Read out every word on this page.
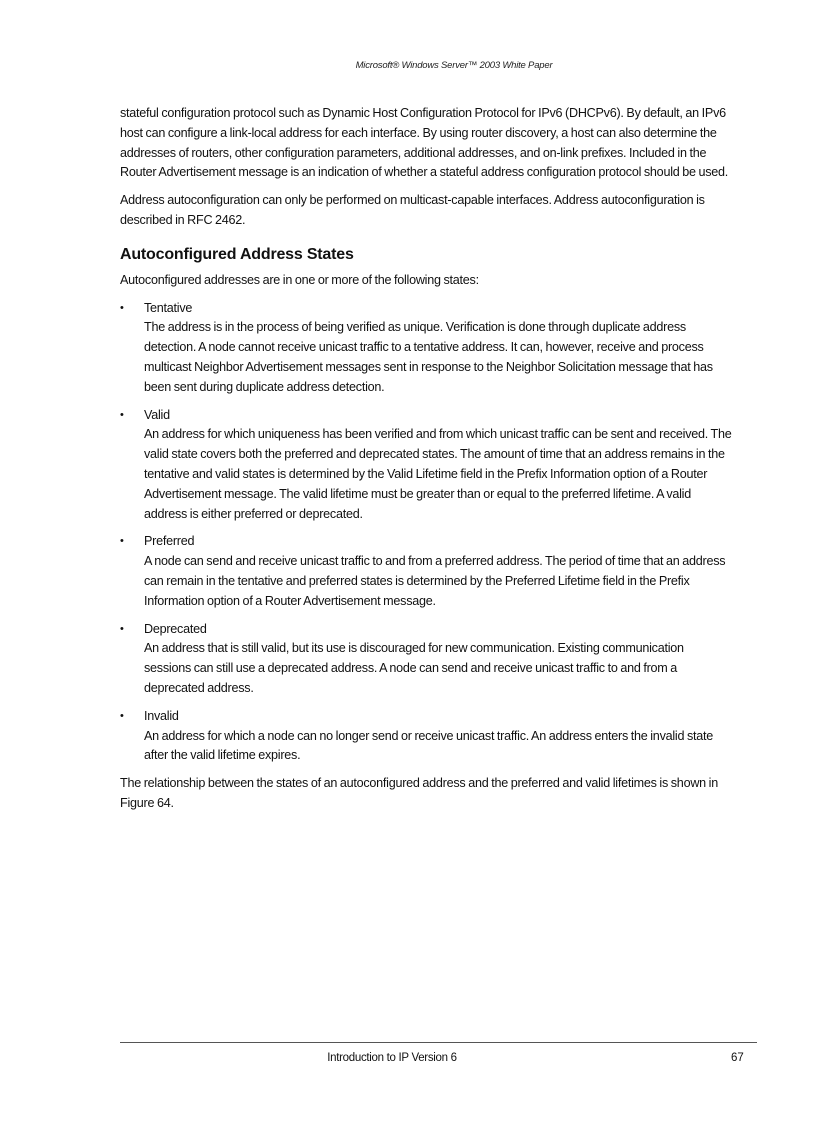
Microsoft® Windows Server™ 2003 White Paper

stateful configuration protocol such as Dynamic Host Configuration Protocol for IPv6 (DHCPv6). By default, an IPv6 host can configure a link-local address for each interface. By using router discovery, a host can also determine the addresses of routers, other configuration parameters, additional addresses, and on-link prefixes. Included in the Router Advertisement message is an indication of whether a stateful address configuration protocol should be used.

Address autoconfiguration can only be performed on multicast-capable interfaces. Address autoconfiguration is described in RFC 2462.

Autoconfigured Address States

Autoconfigured addresses are in one or more of the following states:

• Tentative
The address is in the process of being verified as unique. Verification is done through duplicate address detection. A node cannot receive unicast traffic to a tentative address. It can, however, receive and process multicast Neighbor Advertisement messages sent in response to the Neighbor Solicitation message that has been sent during duplicate address detection.
• Valid
An address for which uniqueness has been verified and from which unicast traffic can be sent and received. The valid state covers both the preferred and deprecated states. The amount of time that an address remains in the tentative and valid states is determined by the Valid Lifetime field in the Prefix Information option of a Router Advertisement message. The valid lifetime must be greater than or equal to the preferred lifetime. A valid address is either preferred or deprecated.
• Preferred
A node can send and receive unicast traffic to and from a preferred address. The period of time that an address can remain in the tentative and preferred states is determined by the Preferred Lifetime field in the Prefix Information option of a Router Advertisement message.
• Deprecated
An address that is still valid, but its use is discouraged for new communication. Existing communication sessions can still use a deprecated address. A node can send and receive unicast traffic to and from a deprecated address.
• Invalid
An address for which a node can no longer send or receive unicast traffic. An address enters the invalid state after the valid lifetime expires.

The relationship between the states of an autoconfigured address and the preferred and valid lifetimes is shown in Figure 64.

Introduction to IP Version 6	67
